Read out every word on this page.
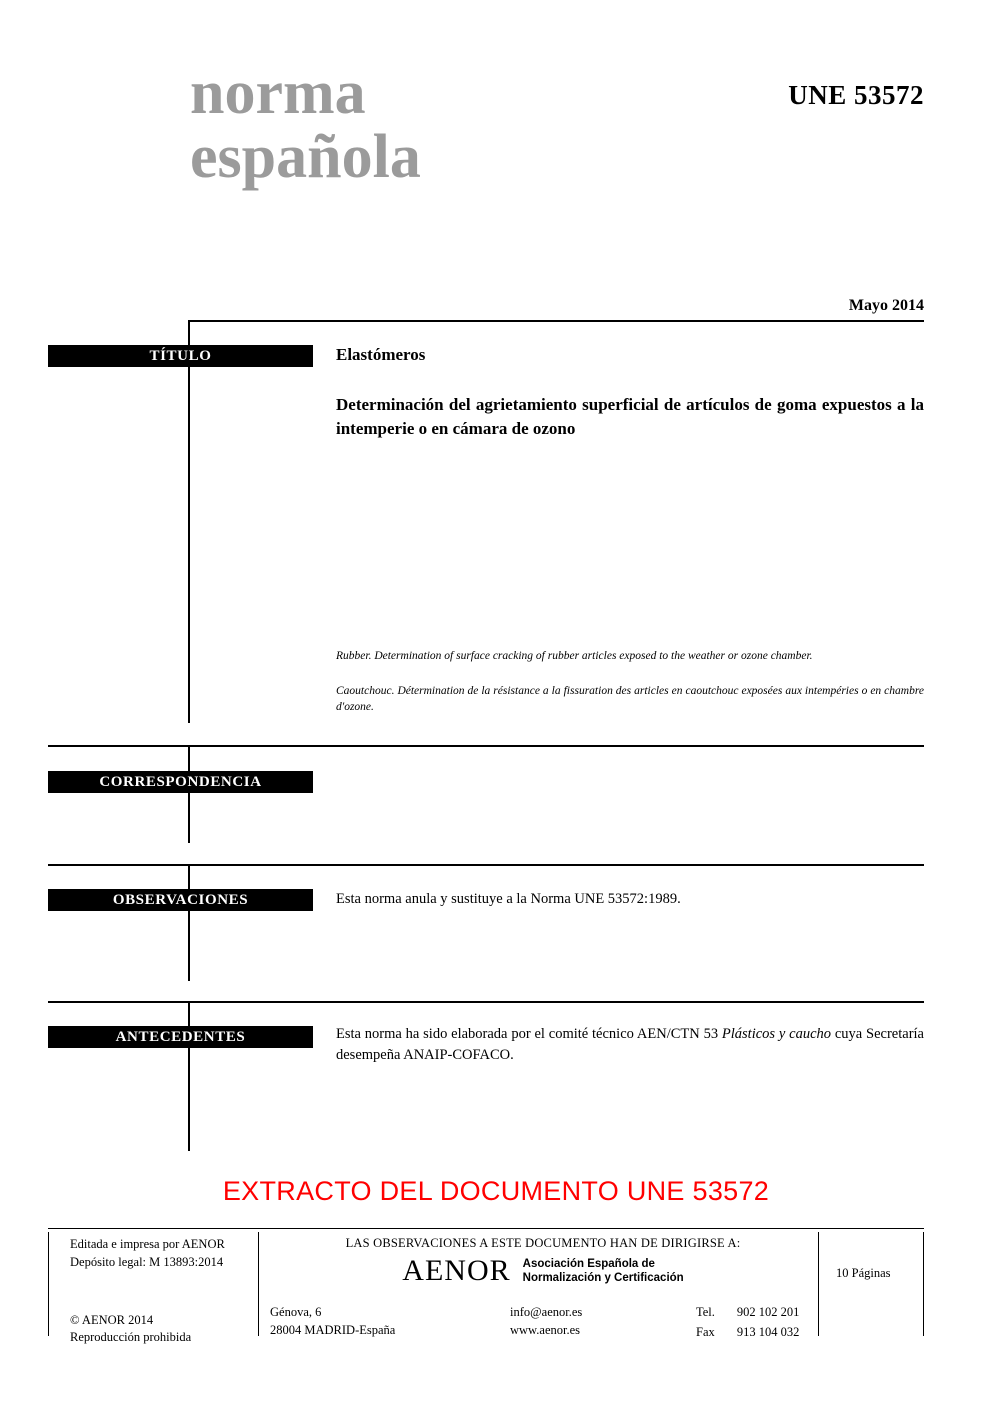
norma
española
UNE 53572
Mayo 2014
TÍTULO	Elastómeros
Determinación del agrietamiento superficial de artículos de goma expuestos a la intemperie o en cámara de ozono
Rubber. Determination of surface cracking of rubber articles exposed to the weather or ozone chamber.
Caoutchouc. Détermination de la résistance a la fissuration des articles en caoutchouc exposées aux intempéries o en chambre d'ozone.
CORRESPONDENCIA
OBSERVACIONES	Esta norma anula y sustituye a la Norma UNE 53572:1989.
ANTECEDENTES	Esta norma ha sido elaborada por el comité técnico AEN/CTN 53 Plásticos y caucho cuya Secretaría desempeña ANAIP-COFACO.
EXTRACTO DEL DOCUMENTO UNE 53572
Editada e impresa por AENOR
Depósito legal: M 13893:2014
© AENOR 2014
Reproducción prohibida
LAS OBSERVACIONES A ESTE DOCUMENTO HAN DE DIRIGIRSE A:
AENOR Asociación Española de
Normalización y Certificación
Génova, 6
28004 MADRID-España
info@aenor.es
www.aenor.es
Tel.	902 102 201
Fax	913 104 032
10 Páginas
